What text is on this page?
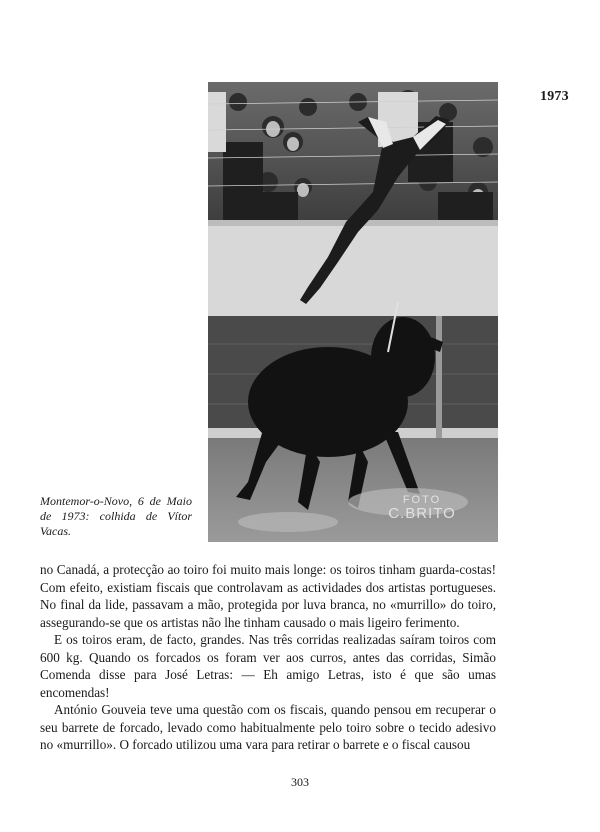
1973
FOTO
C.BRITO
Montemor-o-Novo, 6 de Maio de 1973: colhida de Vítor Vacas.

no Canadá, a protecção ao toiro foi muito mais longe: os toiros tinham guarda-costas! Com efeito, existiam fiscais que controlavam as actividades dos artistas portugueses. No final da lide, passavam a mão, protegida por luva branca, no «murrillo» do toiro, assegurando-se que os artistas não lhe tinham causado o mais ligeiro ferimento.

E os toiros eram, de facto, grandes. Nas três corridas realizadas saíram toiros com 600 kg. Quando os forcados os foram ver aos curros, antes das corridas, Simão Comenda disse para José Letras: — Eh amigo Letras, isto é que são umas encomendas!

António Gouveia teve uma questão com os fiscais, quando pensou em recuperar o seu barrete de forcado, levado como habitualmente pelo toiro sobre o tecido adesivo no «murrillo». O forcado utilizou uma vara para retirar o barrete e o fiscal causou

303
